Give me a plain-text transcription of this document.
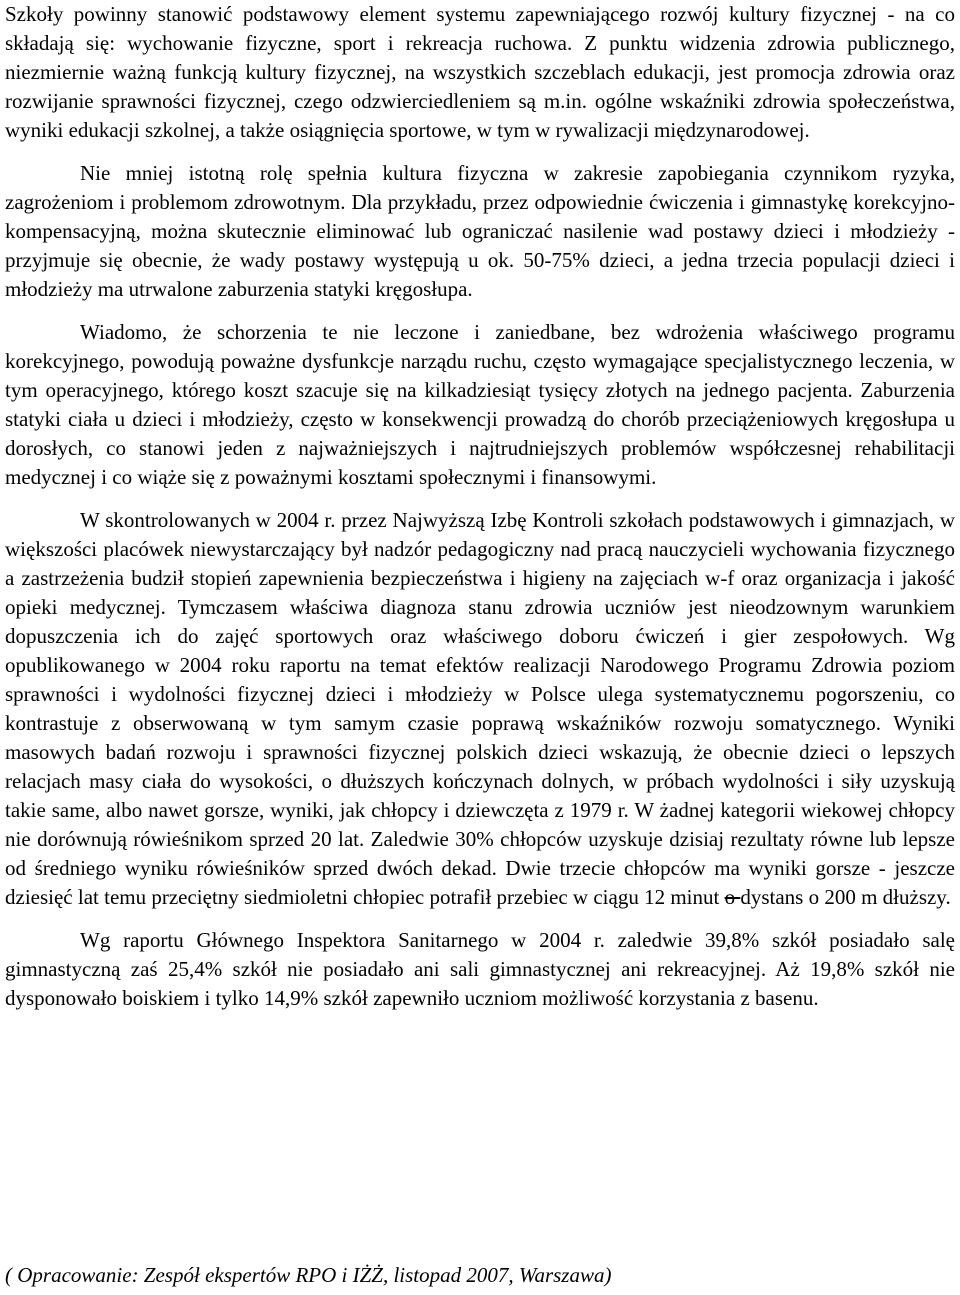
Szkoły powinny stanowić podstawowy element systemu zapewniającego rozwój kultury fizycznej - na co składają się: wychowanie fizyczne, sport i rekreacja ruchowa. Z punktu widzenia zdrowia publicznego, niezmiernie ważną funkcją kultury fizycznej, na wszystkich szczeblach edukacji, jest promocja zdrowia oraz rozwijanie sprawności fizycznej, czego odzwierciedleniem są m.in. ogólne wskaźniki zdrowia społeczeństwa, wyniki edukacji szkolnej, a także osiągnięcia sportowe, w tym w rywalizacji międzynarodowej.

Nie mniej istotną rolę spełnia kultura fizyczna w zakresie zapobiegania czynnikom ryzyka, zagrożeniom i problemom zdrowotnym. Dla przykładu, przez odpowiednie ćwiczenia i gimnastykę korekcyjno-kompensacyjną, można skutecznie eliminować lub ograniczać nasilenie wad postawy dzieci i młodzieży - przyjmuje się obecnie, że wady postawy występują u ok. 50-75% dzieci, a jedna trzecia populacji dzieci i młodzieży ma utrwalone zaburzenia statyki kręgosłupa.

Wiadomo, że schorzenia te nie leczone i zaniedbane, bez wdrożenia właściwego programu korekcyjnego, powodują poważne dysfunkcje narządu ruchu, często wymagające specjalistycznego leczenia, w tym operacyjnego, którego koszt szacuje się na kilkadziesiąt tysięcy złotych na jednego pacjenta. Zaburzenia statyki ciała u dzieci i młodzieży, często w konsekwencji prowadzą do chorób przeciążeniowych kręgosłupa u dorosłych, co stanowi jeden z najważniejszych i najtrudniejszych problemów współczesnej rehabilitacji medycznej i co wiąże się z poważnymi kosztami społecznymi i finansowymi.

W skontrolowanych w 2004 r. przez Najwyższą Izbę Kontroli szkołach podstawowych i gimnazjach, w większości placówek niewystarczający był nadzór pedagogiczny nad pracą nauczycieli wychowania fizycznego a zastrzeżenia budził stopień zapewnienia bezpieczeństwa i higieny na zajęciach w-f oraz organizacja i jakość opieki medycznej. Tymczasem właściwa diagnoza stanu zdrowia uczniów jest nieodzownym warunkiem dopuszczenia ich do zajęć sportowych oraz właściwego doboru ćwiczeń i gier zespołowych. Wg opublikowanego w 2004 roku raportu na temat efektów realizacji Narodowego Programu Zdrowia poziom sprawności i wydolności fizycznej dzieci i młodzieży w Polsce ulega systematycznemu pogorszeniu, co kontrastuje z obserwowaną w tym samym czasie poprawą wskaźników rozwoju somatycznego. Wyniki masowych badań rozwoju i sprawności fizycznej polskich dzieci wskazują, że obecnie dzieci o lepszych relacjach masy ciała do wysokości, o dłuższych kończynach dolnych, w próbach wydolności i siły uzyskują takie same, albo nawet gorsze, wyniki, jak chłopcy i dziewczęta z 1979 r. W żadnej kategorii wiekowej chłopcy nie dorównują rówieśnikom sprzed 20 lat. Zaledwie 30% chłopców uzyskuje dzisiaj rezultaty równe lub lepsze od średniego wyniku rówieśników sprzed dwóch dekad. Dwie trzecie chłopców ma wyniki gorsze - jeszcze dziesięć lat temu przeciętny siedmioletni chłopiec potrafił przebiec w ciągu 12 minut o dystans o 200 m dłuższy.

Wg raportu Głównego Inspektora Sanitarnego w 2004 r. zaledwie 39,8% szkół posiadało salę gimnastyczną zaś 25,4% szkół nie posiadało ani sali gimnastycznej ani rekreacyjnej. Aż 19,8% szkół nie dysponowało boiskiem i tylko 14,9% szkół zapewniło uczniom możliwość korzystania z basenu.

( Opracowanie: Zespół ekspertów RPO i IŻŻ, listopad 2007, Warszawa)
